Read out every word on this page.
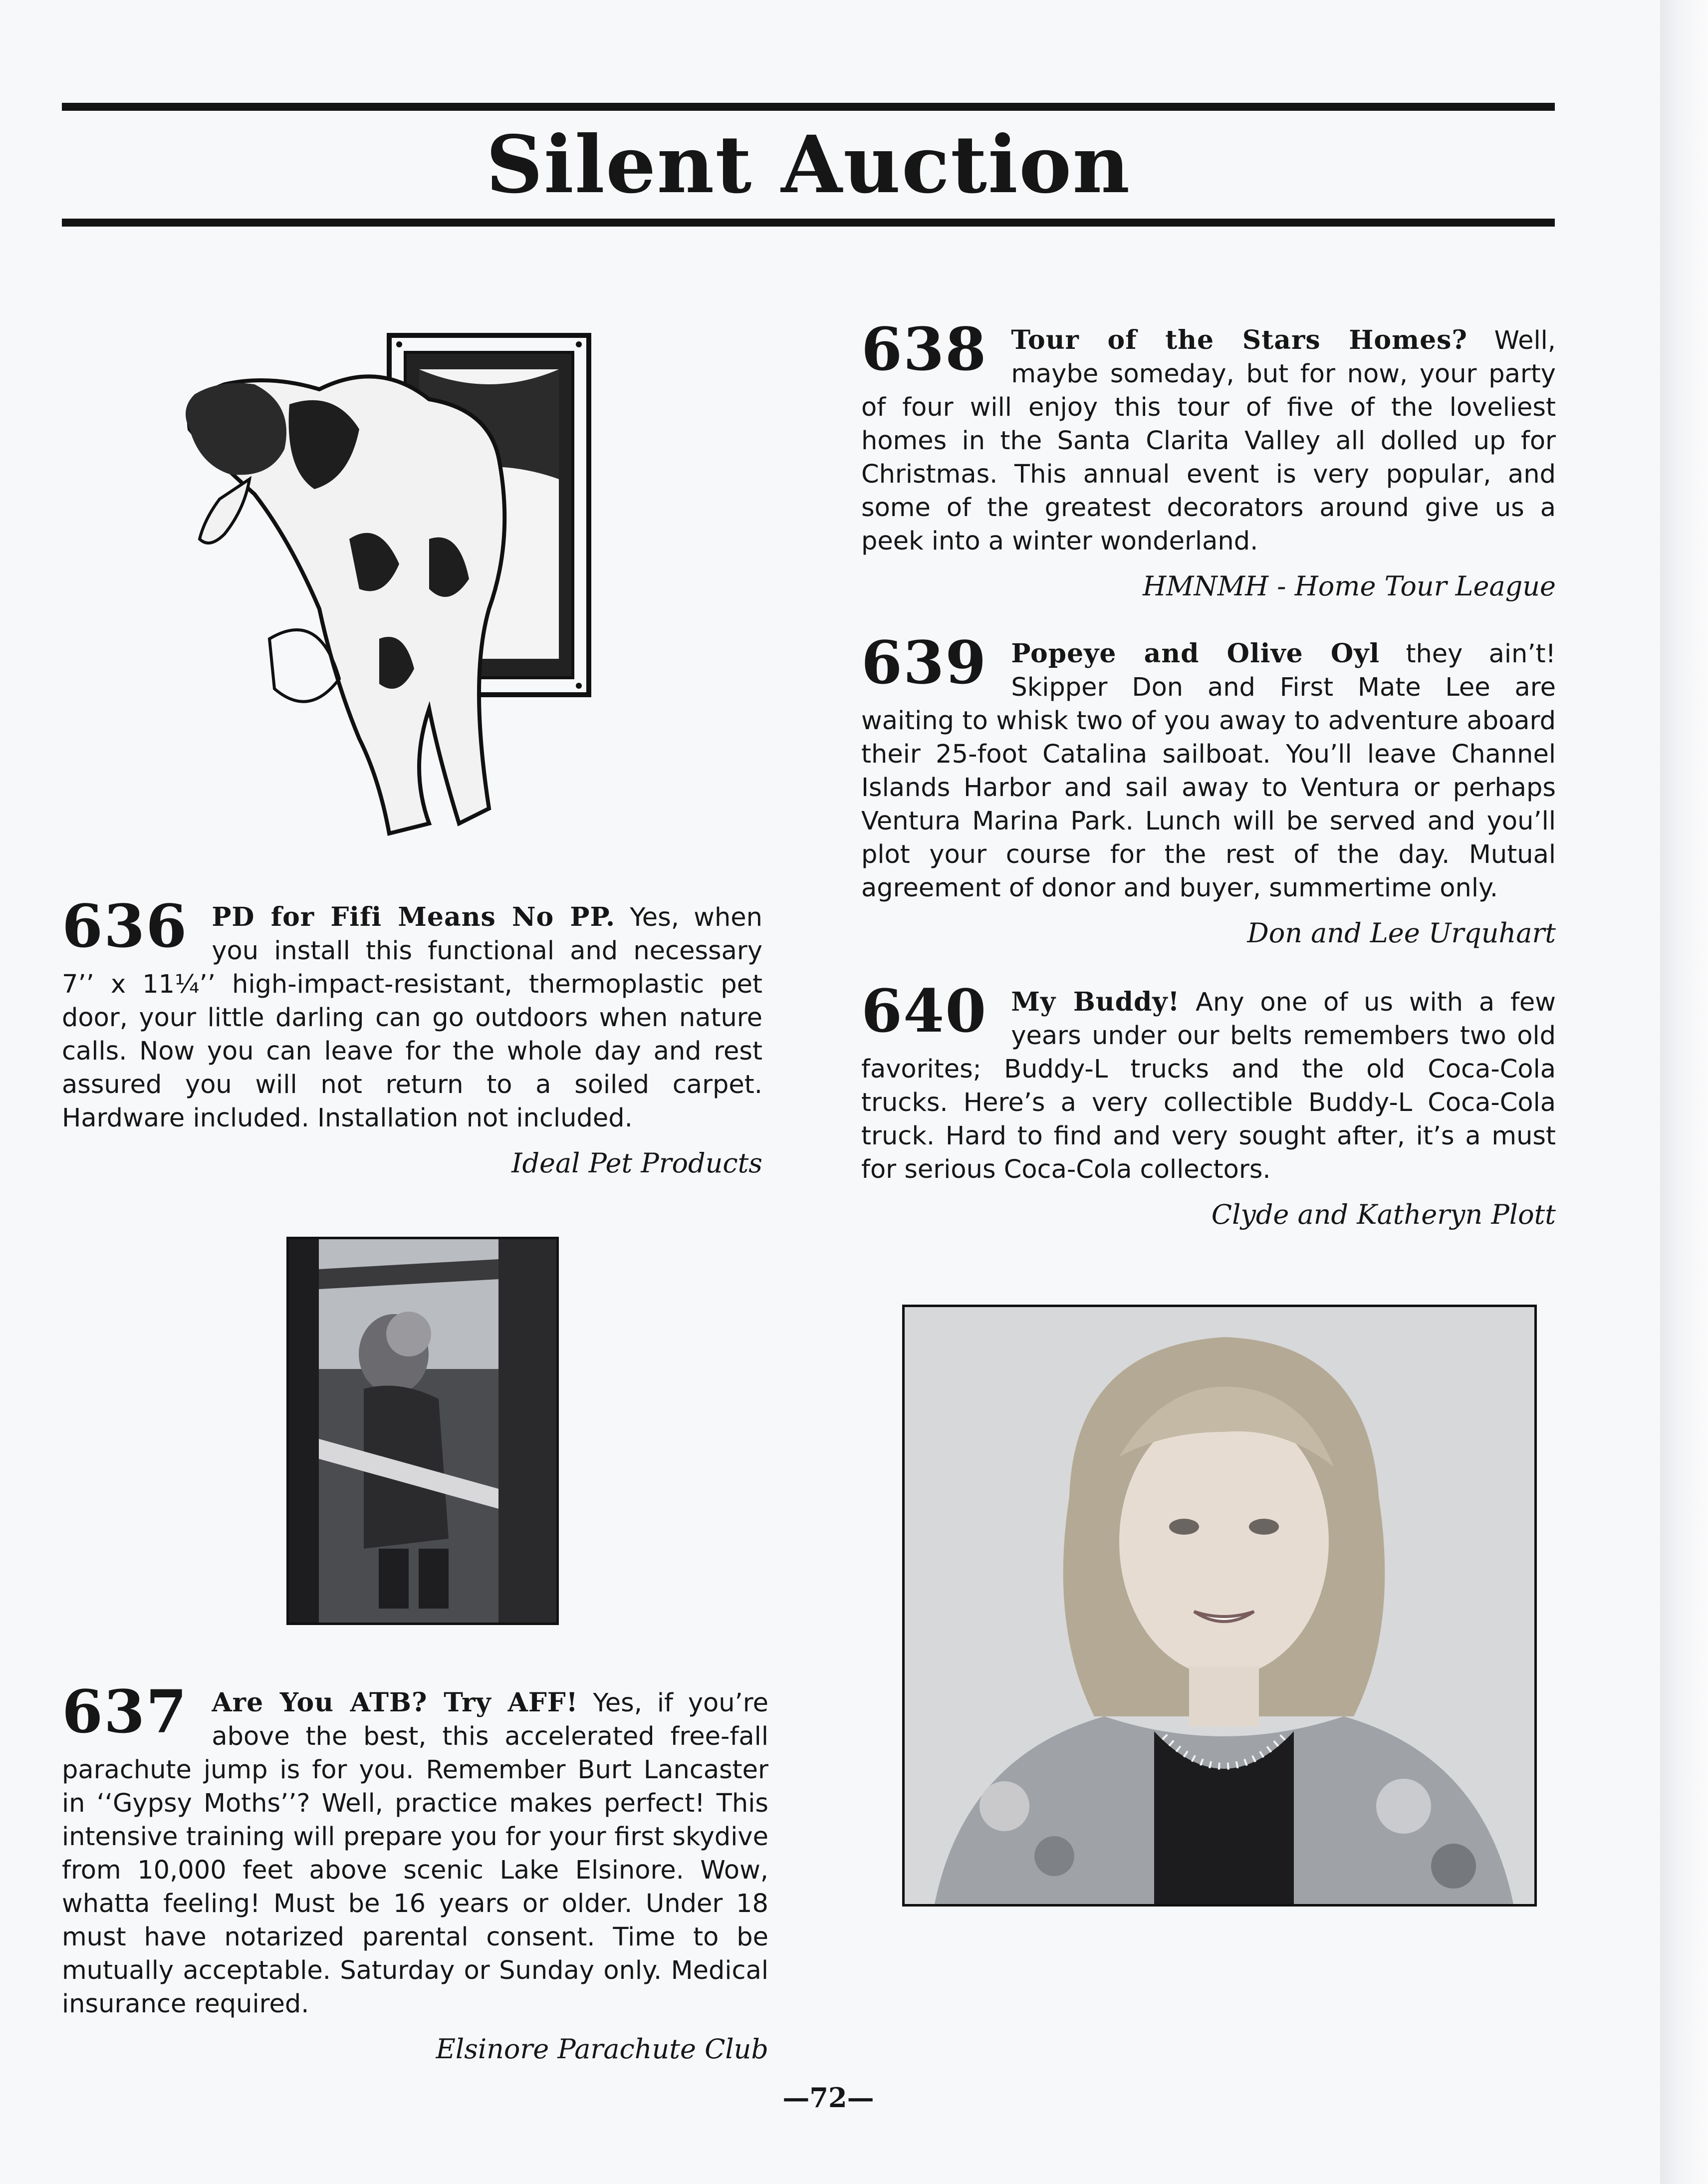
Silent Auction
636 PD for Fifi Means No PP. Yes, when you install this functional and necessary 7’’ x 11¼’’ high-impact-resistant, thermoplastic pet door, your little darling can go outdoors when nature calls. Now you can leave for the whole day and rest assured you will not return to a soiled carpet. Hardware included. Installation not included.

Ideal Pet Products
637 Are You ATB? Try AFF! Yes, if you’re above the best, this accelerated free-fall parachute jump is for you. Remember Burt Lancaster in ‘‘Gypsy Moths’’? Well, practice makes perfect! This intensive training will prepare you for your first skydive from 10,000 feet above scenic Lake Elsinore. Wow, whatta feeling! Must be 16 years or older. Under 18 must have notarized parental consent. Time to be mutually acceptable. Saturday or Sunday only. Medical insurance required.

Elsinore Parachute Club
638 Tour of the Stars Homes? Well, maybe someday, but for now, your party of four will enjoy this tour of five of the loveliest homes in the Santa Clarita Valley all dolled up for Christmas. This annual event is very popular, and some of the greatest decorators around give us a peek into a winter wonderland.

HMNMH - Home Tour League
639 Popeye and Olive Oyl they ain’t! Skipper Don and First Mate Lee are waiting to whisk two of you away to adventure aboard their 25-foot Catalina sailboat. You’ll leave Channel Islands Harbor and sail away to Ventura or perhaps Ventura Marina Park. Lunch will be served and you’ll plot your course for the rest of the day. Mutual agreement of donor and buyer, summertime only.

Don and Lee Urquhart
640 My Buddy! Any one of us with a few years under our belts remembers two old favorites; Buddy-L trucks and the old Coca-Cola trucks. Here’s a very collectible Buddy-L Coca-Cola truck. Hard to find and very sought after, it’s a must for serious Coca-Cola collectors.

Clyde and Katheryn Plott
—72—
